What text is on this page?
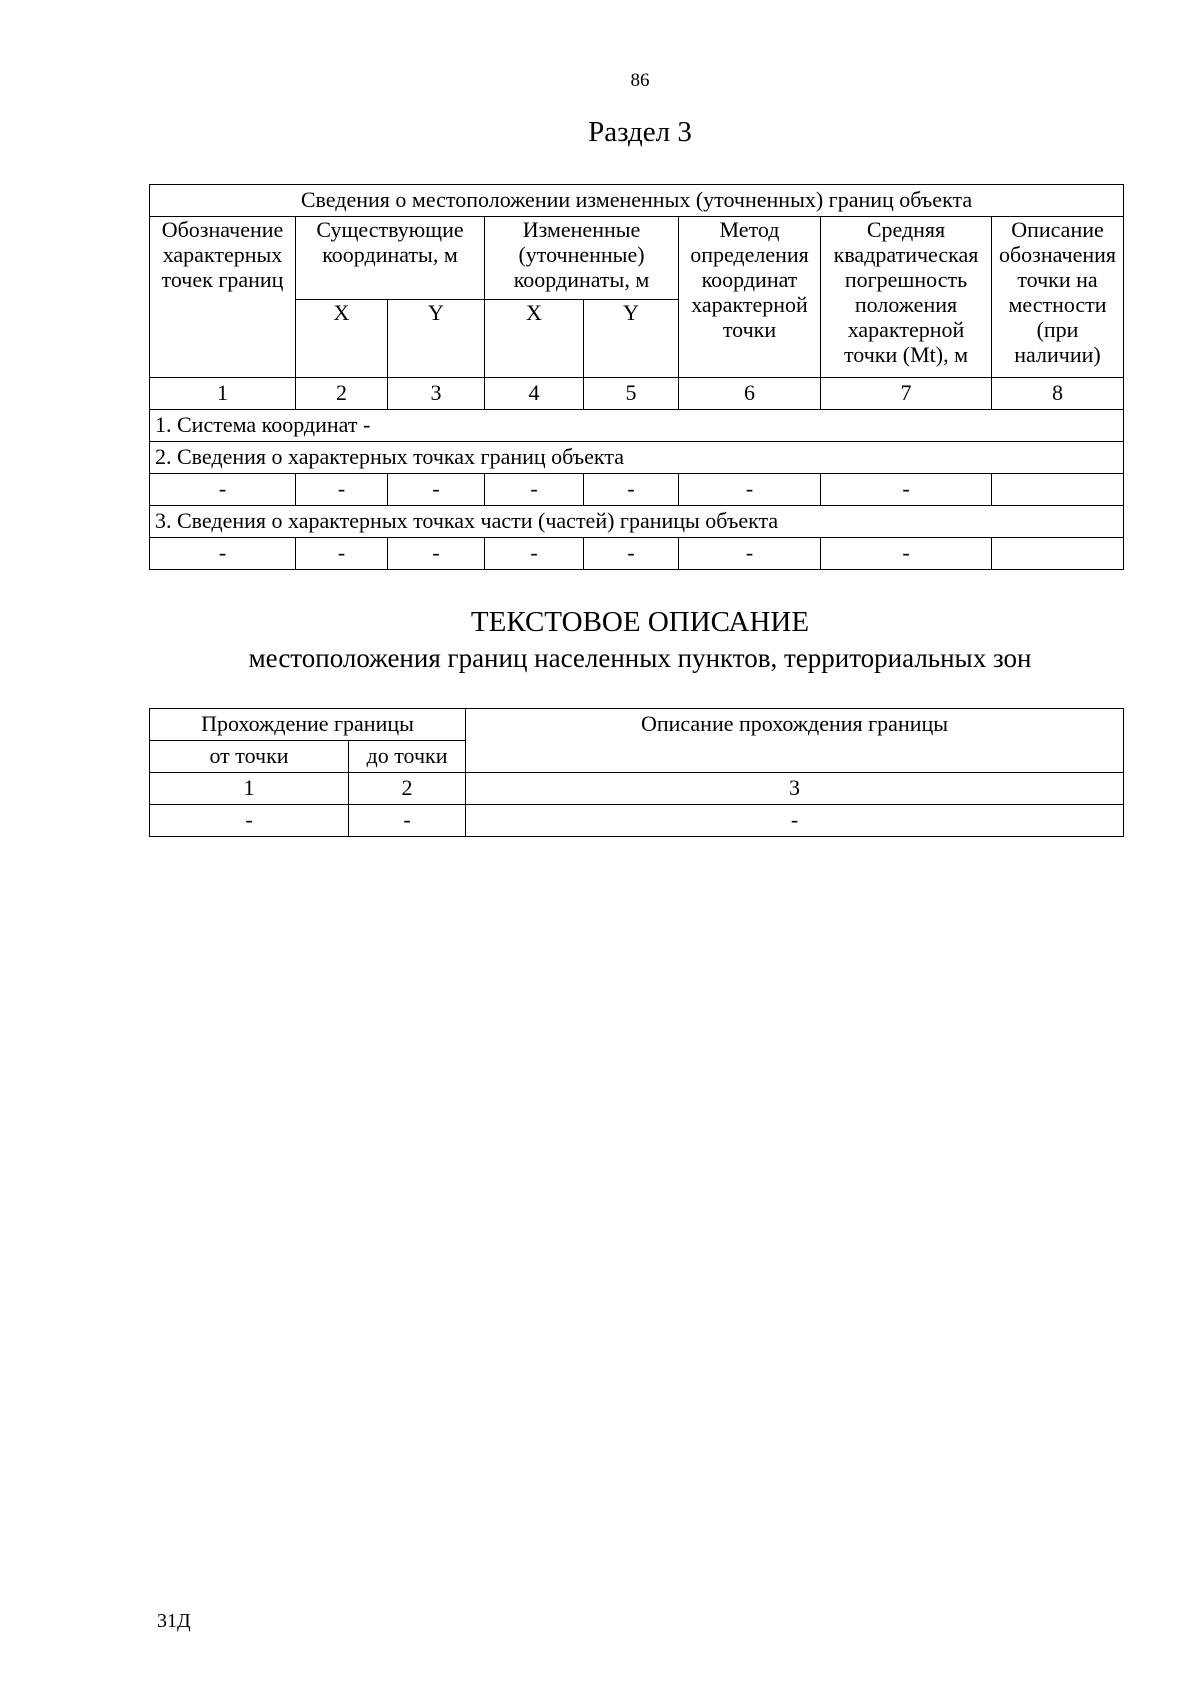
86
Раздел 3
Сведения о местоположении измененных (уточненных) границ объекта							
Обозначение характерных точек границ	Существующие координаты, м		Измененные (уточненные) координаты, м		Метод определения координат характерной точки	Средняя квадратическая погрешность положения характерной точки (Mt), м	Описание обозначения точки на местности (при наличии)
	X	Y	X	Y			
1	2	3	4	5	6	7	8
1. Система координат -							
2. Сведения о характерных точках границ объекта							
-	-	-	-	-	-	-	
3. Сведения о характерных точках части (частей) границы объекта							
-	-	-	-	-	-	-	
ТЕКСТОВОЕ ОПИСАНИЕ
местоположения границ населенных пунктов, территориальных зон
Прохождение границы		Описание прохождения границы
от точки	до точки	
1	2	3
-	-	-
31Д
